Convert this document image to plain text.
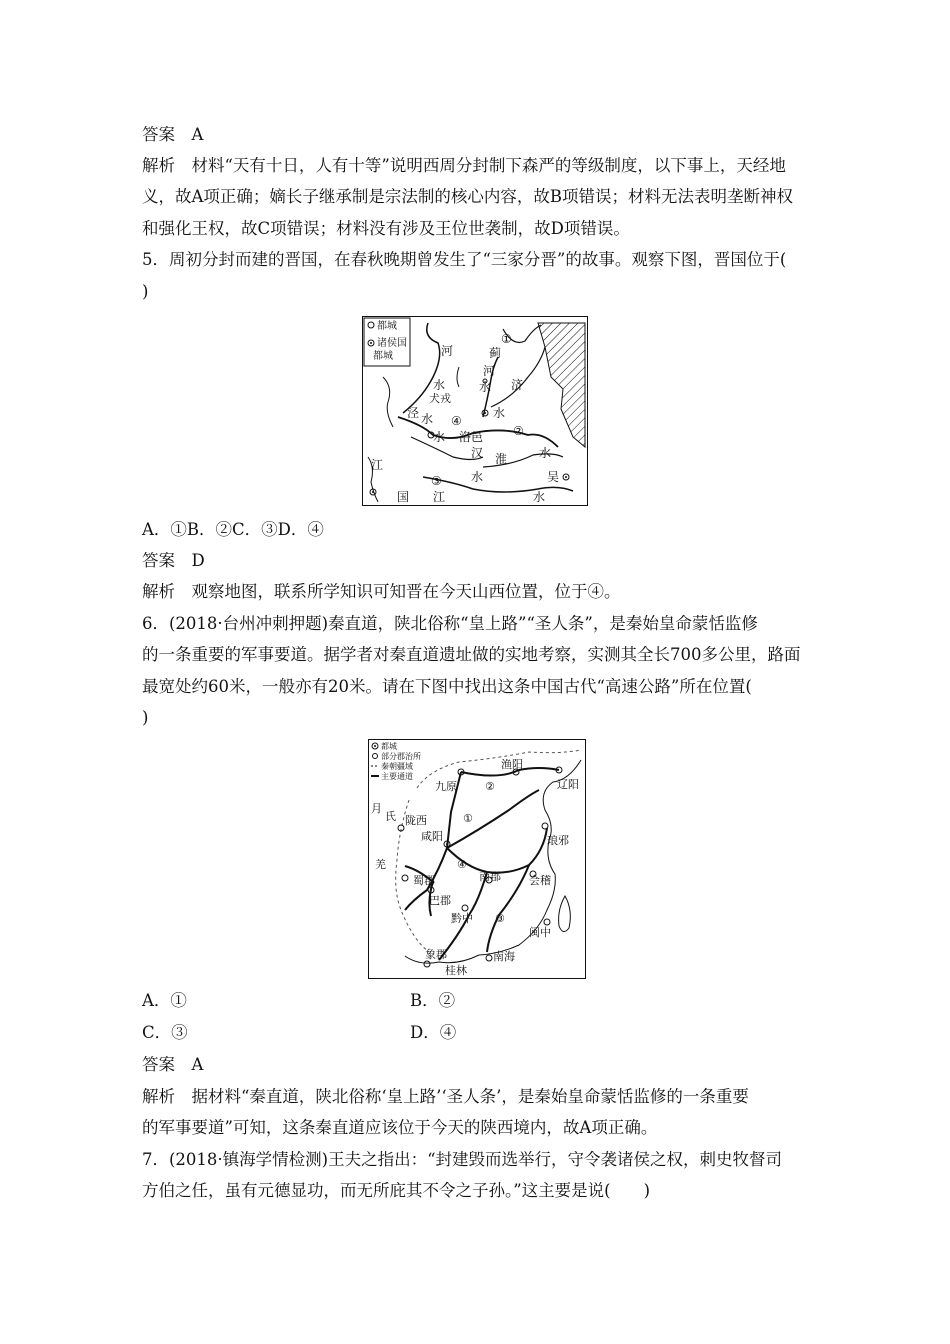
答案　A
解析　材料“天有十日，人有十等”说明西周分封制下森严的等级制度，以下事上，天经地
义，故A项正确；嫡长子继承制是宗法制的核心内容，故B项错误；材料无法表明垄断神权
和强化王权，故C项错误；材料没有涉及王位世袭制，故D项错误。
5．周初分封而建的晋国，在春秋晚期曾发生了“三家分晋”的故事。观察下图，晋国位于(
)
都城
诸侯国
都城	河
水
犬戎
泾 水 ④
水 洛邑
①
蓟
河
水 济
水
②
汉 淮	水
江
国
③
江
水	吴
水
A．①B．②C．③D．④
答案　D
解析　观察地图，联系所学知识可知晋在今天山西位置，位于④。
6．(2018·台州冲刺押题)秦直道，陕北俗称“皇上路”“圣人条”，是秦始皇命蒙恬监修
的一条重要的军事要道。据学者对秦直道遗址做的实地考察，实测其全长700多公里，路面
最宽处约60米，一般亦有20米。请在下图中找出这条中国古代“高速公路”所在位置(
)
都城
部分郡治所
秦朝疆域
主要通道
九原
渔阳
辽阳
②
月
氏 陇西	①
咸阳	琅邪
羌	④
蜀郡	南郡	会稽
巴郡
黔中 ③
闽中
象郡
桂林
南海
A．①	B．②
C．③	D．④
答案　A
解析　据材料“秦直道，陕北俗称‘皇上路’‘圣人条’，是秦始皇命蒙恬监修的一条重要
的军事要道”可知，这条秦直道应该位于今天的陕西境内，故A项正确。
7．(2018·镇海学情检测)王夫之指出：“封建毁而选举行，守令袭诸侯之权，刺史牧督司
方伯之任，虽有元德显功，而无所庇其不令之子孙。”这主要是说(　　)
